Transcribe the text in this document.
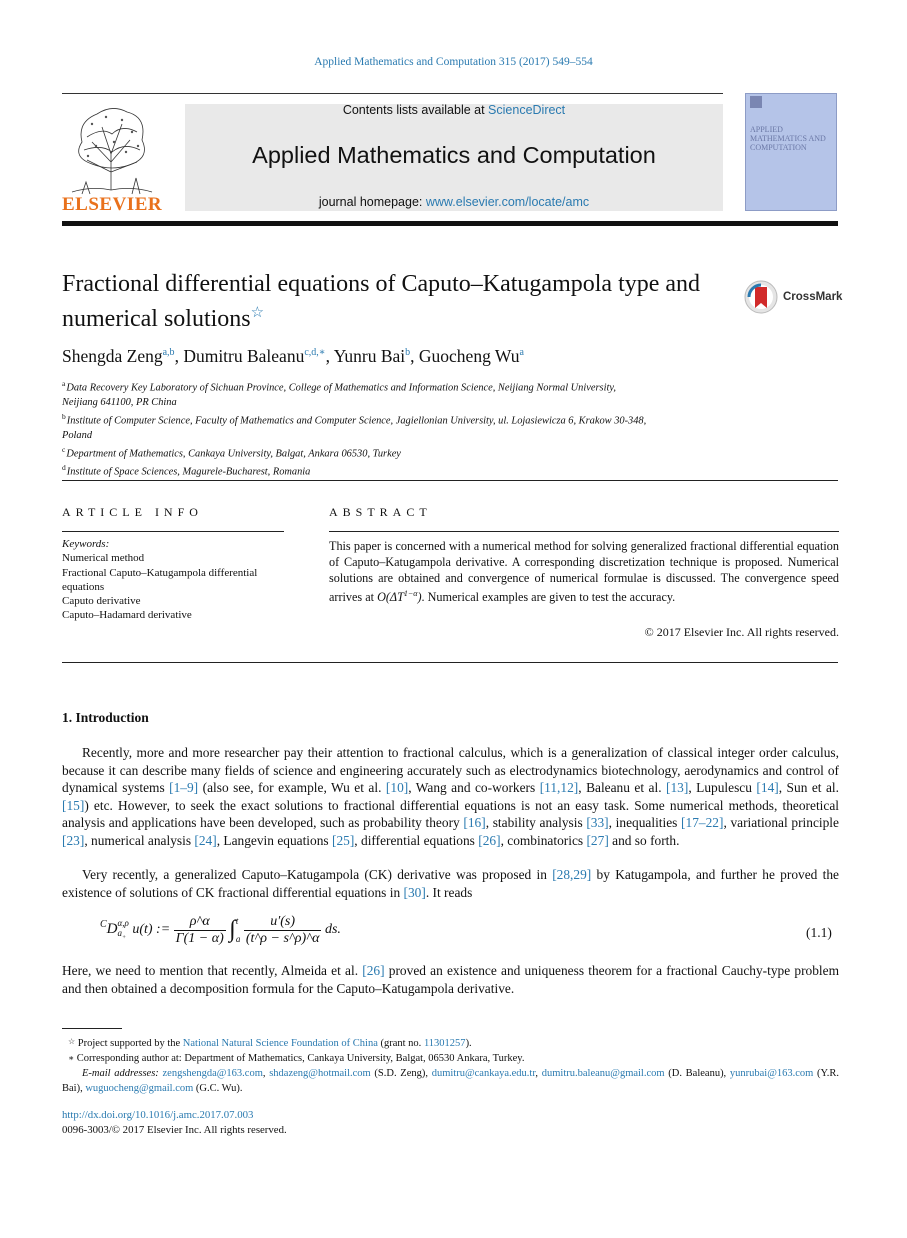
Applied Mathematics and Computation 315 (2017) 549–554
ELSEVIER
Contents lists available at ScienceDirect
Applied Mathematics and Computation
journal homepage: www.elsevier.com/locate/amc
APPLIED MATHEMATICS AND COMPUTATION
Fractional differential equations of Caputo–Katugampola type and numerical solutions☆
CrossMark
Shengda Zeng$^{a,b}$, Dumitru Baleanu$^{c,d,∗}$, Yunru Bai$^b$, Guocheng Wu$^a$
$^a$Data Recovery Key Laboratory of Sichuan Province, College of Mathematics and Information Science, Neijiang Normal University,
Neijiang 641100, PR China
$^b$Institute of Computer Science, Faculty of Mathematics and Computer Science, Jagiellonian University, ul. Lojasiewicza 6, Krakow 30-348,
Poland
$^c$Department of Mathematics, Cankaya University, Balgat, Ankara 06530, Turkey
$^d$Institute of Space Sciences, Magurele-Bucharest, Romania
ARTICLE INFO
Keywords:
Numerical method
Fractional Caputo–Katugampola differential
equations
Caputo derivative
Caputo–Hadamard derivative
ABSTRACT
This paper is concerned with a numerical method for solving generalized fractional differential equation of Caputo–Katugampola derivative. A corresponding discretization technique is proposed. Numerical solutions are obtained and convergence of numerical formulae is discussed. The convergence speed arrives at $O(\Delta T^{1-\alpha})$. Numerical examples are given to test the accuracy.
© 2017 Elsevier Inc. All rights reserved.
1. Introduction
Recently, more and more researcher pay their attention to fractional calculus, which is a generalization of classical integer order calculus, because it can describe many fields of science and engineering accurately such as electrodynamics biotechnology, aerodynamics and control of dynamical systems [1–9] (also see, for example, Wu et al. [10], Wang and co-workers [11,12], Baleanu et al. [13], Lupulescu [14], Sun et al. [15]) etc. However, to seek the exact solutions to fractional differential equations is not an easy task. Some numerical methods, theoretical analysis and applications have been developed, such as probability theory [16], stability analysis [33], inequalities [17–22], variational principle [23], numerical analysis [24], Langevin equations [25], differential equations [26], combinatorics [27] and so forth.
Very recently, a generalized Caputo–Katugampola (CK) derivative was proposed in [28,29] by Katugampola, and further he proved the existence of solutions of CK fractional differential equations in [30]. It reads
$^C$D α,ρ
$a_+$
u(t) := $\frac{\rho\^{}\alpha}{\Gamma(1 - \alpha)}$ ∫ t
a
$\frac{u'(s)}{(t\^{}\rho - s\^{}\rho)\^{}\alpha}$ ds.	(1.1)
Here, we need to mention that recently, Almeida et al. [26] proved an existence and uniqueness theorem for a fractional Cauchy-type problem and then obtained a decomposition formula for the Caputo–Katugampola derivative.
☆ Project supported by the National Natural Science Foundation of China (grant no. 11301257).
∗ Corresponding author at: Department of Mathematics, Cankaya University, Balgat, 06530 Ankara, Turkey.
E-mail addresses: zengshengda@163.com, shdazeng@hotmail.com (S.D. Zeng), dumitru@cankaya.edu.tr, dumitru.baleanu@gmail.com (D. Baleanu), yunrubai@163.com (Y.R. Bai), wuguocheng@gmail.com (G.C. Wu).
http://dx.doi.org/10.1016/j.amc.2017.07.003
0096-3003/© 2017 Elsevier Inc. All rights reserved.
